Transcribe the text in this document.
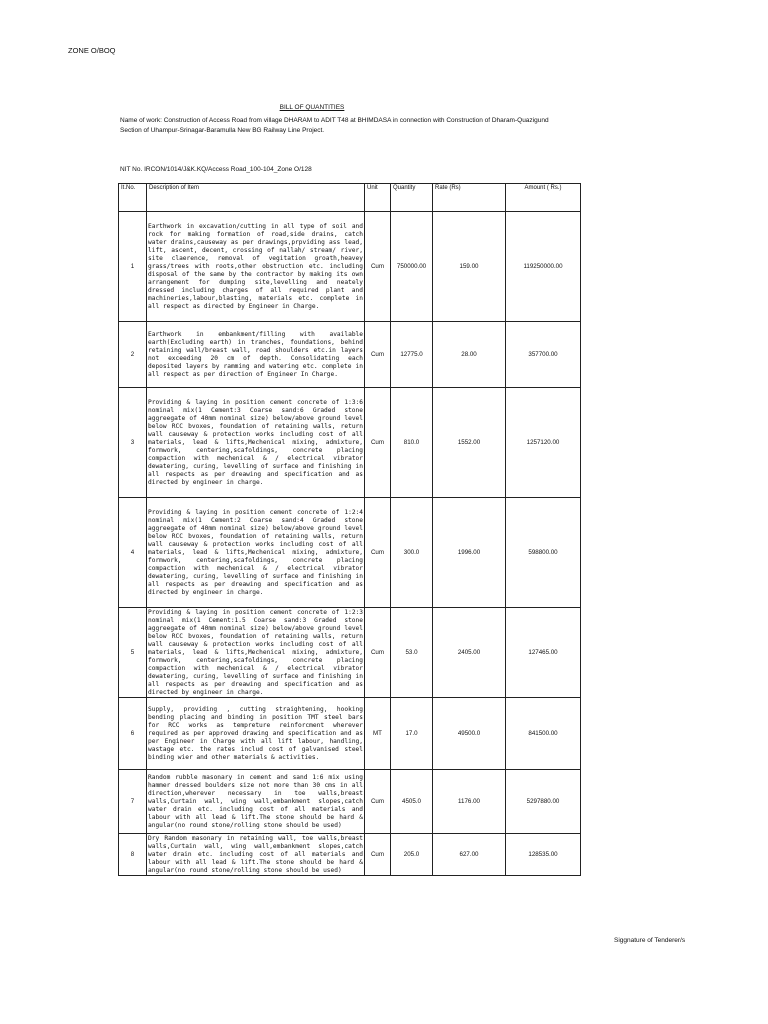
ZONE O/BOQ
BILL OF QUANTITIES
Name of work: Construction of Access Road from village DHARAM to ADIT T48 at BHIMDASA in connection with Construction of Dharam-Quazigund Section of Uhampur-Srinagar-Baramulla New BG Railway Line Project.
NIT No. IRCON/1014/J&K.KQ/Access Road_100-104_Zone O/128
It.No.	Description of Item	Unit	Quantity	Rate (Rs)	Amount ( Rs.)
1	Earthwork in excavation/cutting in all type of soil and rock for making formation of road,side drains, catch water drains,causeway as per drawings,prpviding ass lead, lift, ascent, decent, crossing of nallah/ stream/ river, site claerence, removal of vegitation groath,heavey grass/trees with roots,other obstruction etc. including disposal of the same by the contractor by making its own arrangement for dumping site,levelling and neately dressed including charges of all required plant and machineries,labour,blasting, materials etc. complete in all respect as directed by Engineer in Charge.	Cum	750000.00	159.00	119250000.00
2	Earthwork in embankment/filling with available earth(Excluding earth) in tranches, foundations, behind retaining wall/breast wall, road shoulders etc.in layers not exceeding 20 cm of depth. Consolidating each deposited layers by ramming and watering etc. complete in all respect as per direction of Engineer In Charge.	Cum	12775.0	28.00	357700.00
3	Providing & laying in position cement concrete of 1:3:6 nominal mix(1 Cement:3 Coarse sand:6 Graded stone aggreegate of 40mm nominal size) below/above ground level below RCC bvoxes, foundation of retaining walls, return wall causeway & protection works including cost of all materials, lead & lifts,Mechenical mixing, admixture, formwork, centering,scafoldings, concrete placing compaction with mechenical & / electrical vibrator dewatering, curing, levelling of surface and finishing in all respects as per dreawing and specification and as directed by engineer in charge.	Cum	810.0	1552.00	1257120.00
4	Providing & laying in position cement concrete of 1:2:4 nominal mix(1 Cement:2 Coarse sand:4 Graded stone aggreegate of 40mm nominal size) below/above ground level below RCC bvoxes, foundation of retaining walls, return wall causeway & protection works including cost of all materials, lead & lifts,Mechenical mixing, admixture, formwork, centering,scafoldings, concrete placing compaction with mechenical & / electrical vibrator dewatering, curing, levelling of surface and finishing in all respects as per dreawing and specification and as directed by engineer in charge.	Cum	300.0	1996.00	598800.00
5	Providing & laying in position cement concrete of 1:2:3 nominal mix(1 Cement:1.5 Coarse sand:3 Graded stone aggreegate of 40mm nominal size) below/above ground level below RCC bvoxes, foundation of retaining walls, return wall causeway & protection works including cost of all materials, lead & lifts,Mechenical mixing, admixture, formwork, centering,scafoldings, concrete placing compaction with mechenical & / electrical vibrator dewatering, curing, levelling of surface and finishing in all respects as per dreawing and specification and as directed by engineer in charge.	Cum	53.0	2405.00	127465.00
6	Supply, providing , cutting straightening, hooking bending placing and binding in position TMT steel bars for RCC works as tempreture reinforcment wherever required as per approved drawing and specification and as per Engineer in Charge with all lift labour, handling, wastage etc. the rates includ cost of galvanised steel binding wier and other materials & activities.	MT	17.0	49500.0	841500.00
7	Random rubble masonary in cement and sand 1:6 mix using hammer dressed boulders size not more than 30 cms in all direction,wherever necessary in toe walls,breast walls,Curtain wall, wing wall,embankment slopes,catch water drain etc. including cost of all materials and labour with all lead & lift.The stone should be hard & angular(no round stone/rolling stone should be used)	Cum	4505.0	1176.00	5297880.00
8	Dry Random masonary in retaining wall, toe walls,breast walls,Curtain wall, wing wall,embankment slopes,catch water drain etc. including cost of all materials and labour with all lead & lift.The stone should be hard & angular(no round stone/rolling stone should be used)	Cum	205.0	627.00	128535.00
Siggnature of Tenderer/s
